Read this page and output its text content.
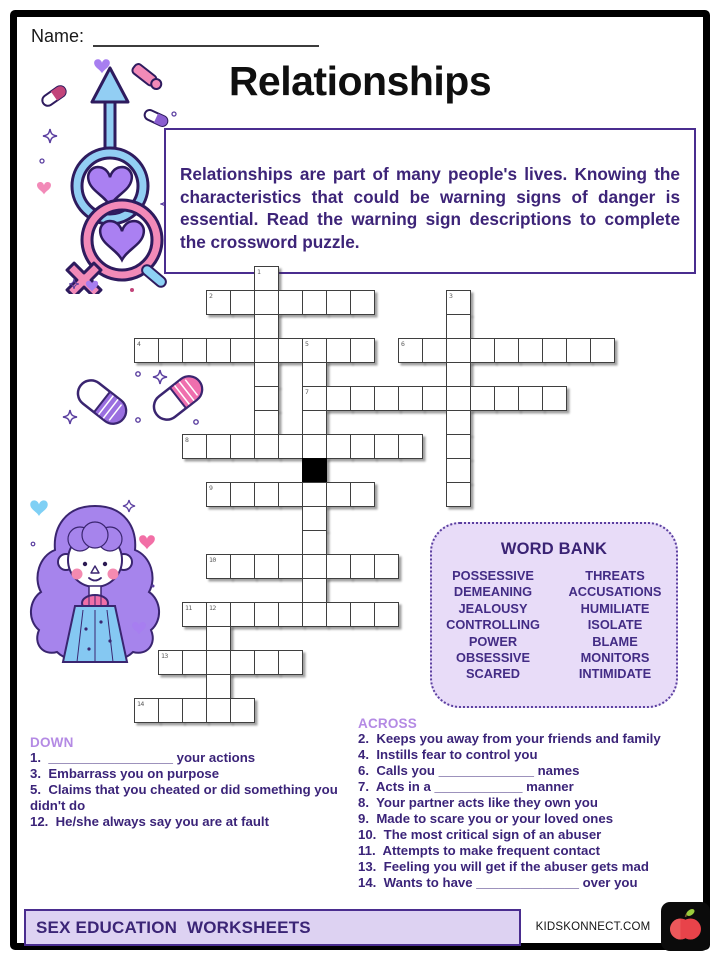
Name:
Relationships
Relationships are part of many people's lives. Knowing the characteristics that could be warning signs of danger is essential. Read the warning sign descriptions to complete the crossword puzzle.
1
2	3
4	5	6
7
8
9
10
11	12
13
14
WORD BANK
POSSESSIVE
DEMEANING
JEALOUSY
CONTROLLING
POWER
OBSESSIVE
SCARED
THREATS
ACCUSATIONS
HUMILIATE
ISOLATE
BLAME
MONITORS
INTIMIDATE
DOWN
1.  _________________ your actions
3.  Embarrass you on purpose
5.  Claims that you cheated or did something you didn't do
12.  He/she always say you are at fault
ACROSS
2.  Keeps you away from your friends and family
4.  Instills fear to control you
6.  Calls you _____________ names
7.  Acts in a ____________ manner
8.  Your partner acts like they own you
9.  Made to scare you or your loved ones
10.  The most critical sign of an abuser
11.  Attempts to make frequent contact
13.  Feeling you will get if the abuser gets mad
14.  Wants to have ______________ over you
SEX EDUCATION  WORKSHEETS	KIDSKONNECT.COM
